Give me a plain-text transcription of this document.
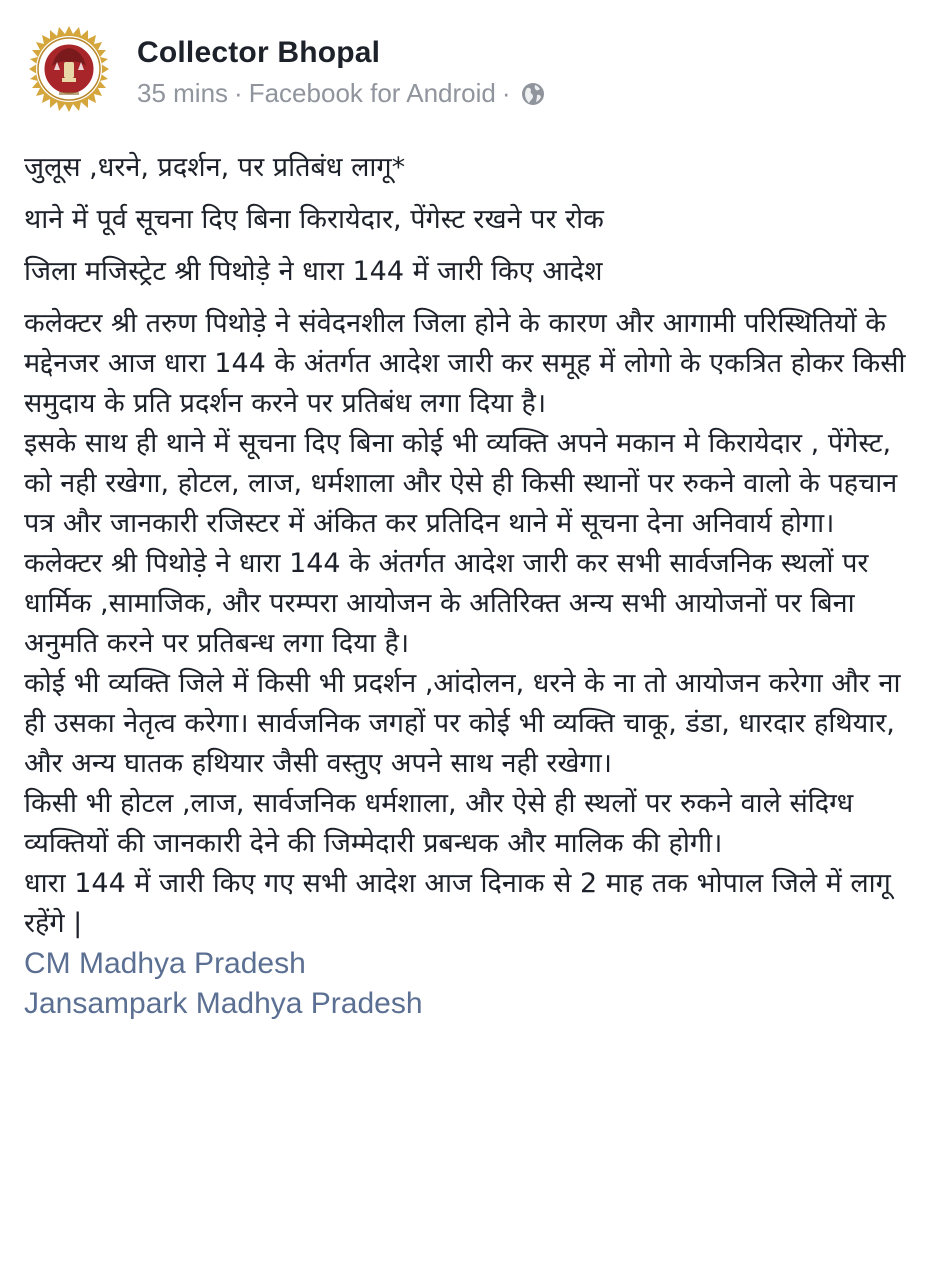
Collector Bhopal
35 mins · Facebook for Android ·

जुलूस ,धरने, प्रदर्शन, पर प्रतिबंध लागू*

थाने में पूर्व सूचना दिए बिना किरायेदार, पेंगेस्ट रखने पर रोक

जिला मजिस्ट्रेट श्री पिथोड़े ने धारा 144 में जारी किए आदेश

कलेक्टर श्री तरुण पिथोड़े ने संवेदनशील जिला होने के कारण और आगामी परिस्थितियों के मद्देनजर आज धारा 144 के अंतर्गत आदेश जारी कर समूह में लोगो के एकत्रित होकर किसी समुदाय के प्रति प्रदर्शन करने पर प्रतिबंध लगा दिया है।

इसके साथ ही थाने में सूचना दिए बिना कोई भी व्यक्ति अपने मकान मे किरायेदार , पेंगेस्ट, को नही रखेगा, होटल, लाज, धर्मशाला और ऐसे ही किसी स्थानों पर रुकने वालो के पहचान पत्र और जानकारी रजिस्टर में अंकित कर प्रतिदिन थाने में सूचना देना अनिवार्य होगा।

कलेक्टर श्री पिथोड़े ने धारा 144 के अंतर्गत आदेश जारी कर सभी सार्वजनिक स्थलों पर धार्मिक ,सामाजिक, और परम्परा आयोजन के अतिरिक्त अन्य सभी आयोजनों पर बिना अनुमति करने पर प्रतिबन्ध लगा दिया है।

कोई भी व्यक्ति जिले में किसी भी प्रदर्शन ,आंदोलन, धरने के ना तो आयोजन करेगा और ना ही उसका नेतृत्व करेगा। सार्वजनिक जगहों पर कोई भी व्यक्ति चाकू, डंडा, धारदार हथियार, और अन्य घातक हथियार जैसी वस्तुए अपने साथ नही रखेगा।

किसी भी होटल ,लाज, सार्वजनिक धर्मशाला, और ऐसे ही स्थलों पर रुकने वाले संदिग्ध व्यक्तियों की जानकारी देने की जिम्मेदारी प्रबन्धक और मालिक की होगी।

धारा 144 में जारी किए गए सभी आदेश आज दिनाक से 2 माह तक भोपाल जिले में लागू रहेंगे |

CM Madhya Pradesh
Jansampark Madhya Pradesh
